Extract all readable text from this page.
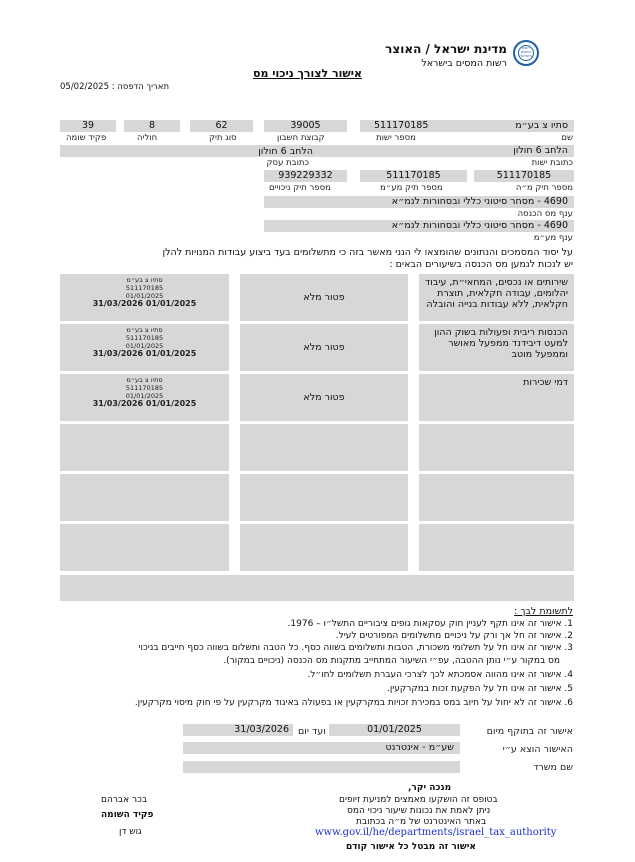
רשות המסים בישראל
מדינת ישראל / האוצר
רשות המסים בישראל
אישור לצורך ניכוי מס
תאריך הדפסה : 05/02/2025
סתיו צ בע״מ
שם
מספר ישות
511170185
39005
קבוצת חשבון
62
סוג תיק
8
חוליה
39
פקיד שומה
הלחב 6 חולון
כתובת ישות
הלחב 6 חולון
כתובת עסק
939229332
מספר תיק ניכויים
511170185
מספר תיק מע״מ
511170185
מספר תיק מ״ה
4690 - מסחר סיטוני כללי ובסחורות לנמ״א
ענף מס הכנסה
4690 - מסחר סיטוני כללי ובסחורות לנמ״א
ענף מע״מ
על יסוד המסמכים והנתונים שהומצאו לי הנני מאשר בזה כי מתשלומים בעד ביצוע עבודות המנויות להלן
יש לנכות לנמען מס הכנסה בשיעורים הבאים :
סתיו צ בע״מ
511170185
01/01/2025
31/03/2026 01/01/2025
פטור מלא
שירותים או נכסים, המחאי״ת, עיבוד יהלומים, עבודה חקלאית, תוצרת חקלאית, ללא עבודות בנייה והובלה
סתיו צ בע״מ
511170185
01/01/2025
31/03/2026 01/01/2025
פטור מלא
הכנסות ריבית ופעולות בשוק ההון למעט דיבידנד ממפעל מאושר וממפעל מוטב
סתיו צ בע״מ
511170185
01/01/2025
31/03/2026 01/01/2025
פטור מלא
דמי שכירות
לתשומת לבך :
1. אישור זה אינו תקף לעניין חוק עסקאות גופים ציבוריים התשל״ו – 1976.
2. אישור זה חל אך ורק על ניכויים מתשלומים המפורטים לעיל.
3. אישור זה אינו חל על תשלומי משכורת, הטבות ותשלומים בשווה כסף. כל הטבה ותשלום בשווה כסף חייבים בניכוי
מס במקור ע״י נותן ההטבה, עפ״י השיעור המתחייב מתקנות מס הכנסה (ניכויים במקור).
4. אישור זה אינו מהווה אסמכתא לכך לצרכי העברת תשלומים לחו״ל.
5. אישור זה אינו חל על הפקעת זכות במקרקעין.
6. אישור זה לא יחול על חיוב במס במכירת זכויות במקרקעין או בפעולה באיגוד מקרקעין על פי חוק מיסוי מקרקעין.
אישור זה בתוקף מיום
01/01/2025
ועד יום
31/03/2026
האישור הוצא ע״י
שע״מ - אינטרנט
שם משרד
מנכה יקר,
בטופס זה הושקעו מאמצים למניעת זיופים
ניתן לאמת את נכונות שיעור ניכוי המס
באתר האינטרנט של מ״ה בכתובת
www.gov.il/he/departments/israel_tax_authority
אישור זה מבטל כל אישור קודם
בכר אברהם
פקיד השומה
גוש דן
